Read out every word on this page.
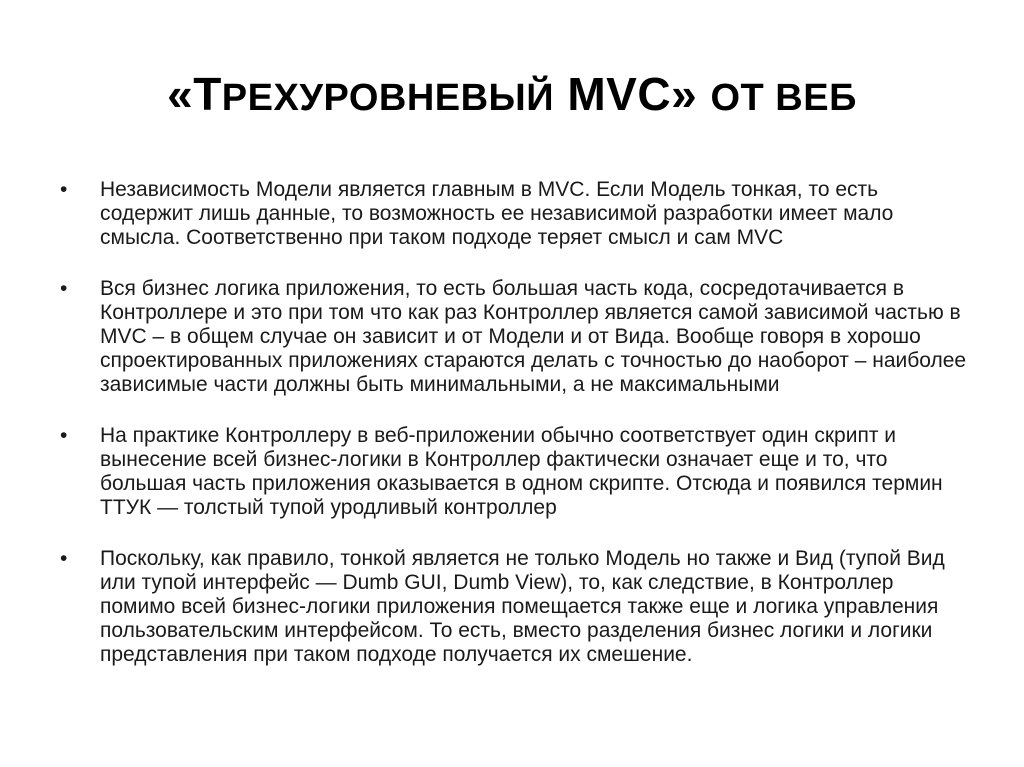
«ТРЕХУРОВНЕВЫЙ MVC» ОТ ВЕБ
•	Независимость Модели является главным в MVC. Если Модель тонкая, то есть содержит лишь данные, то возможность ее независимой разработки имеет мало смысла. Соответственно при таком подходе теряет смысл и сам MVC
•	Вся бизнес логика приложения, то есть большая часть кода, сосредотачивается в Контроллере и это при том что как раз Контроллер является самой зависимой частью в MVC – в общем случае он зависит и от Модели и от Вида. Вообще говоря в хорошо спроектированных приложениях стараются делать с точностью до наоборот – наиболее зависимые части должны быть минимальными, а не максимальными
•	На практике Контроллеру в веб-приложении обычно соответствует один скрипт и вынесение всей бизнес-логики в Контроллер фактически означает еще и то, что большая часть приложения оказывается в одном скрипте. Отсюда и появился термин ТТУК — толстый тупой уродливый контроллер
•	Поскольку, как правило, тонкой является не только Модель но также и Вид (тупой Вид или тупой интерфейс — Dumb GUI, Dumb View), то, как следствие, в Контроллер помимо всей бизнес-логики приложения помещается также еще и логика управления пользовательским интерфейсом. То есть, вместо разделения бизнес логики и логики представления при таком подходе получается их смешение.
